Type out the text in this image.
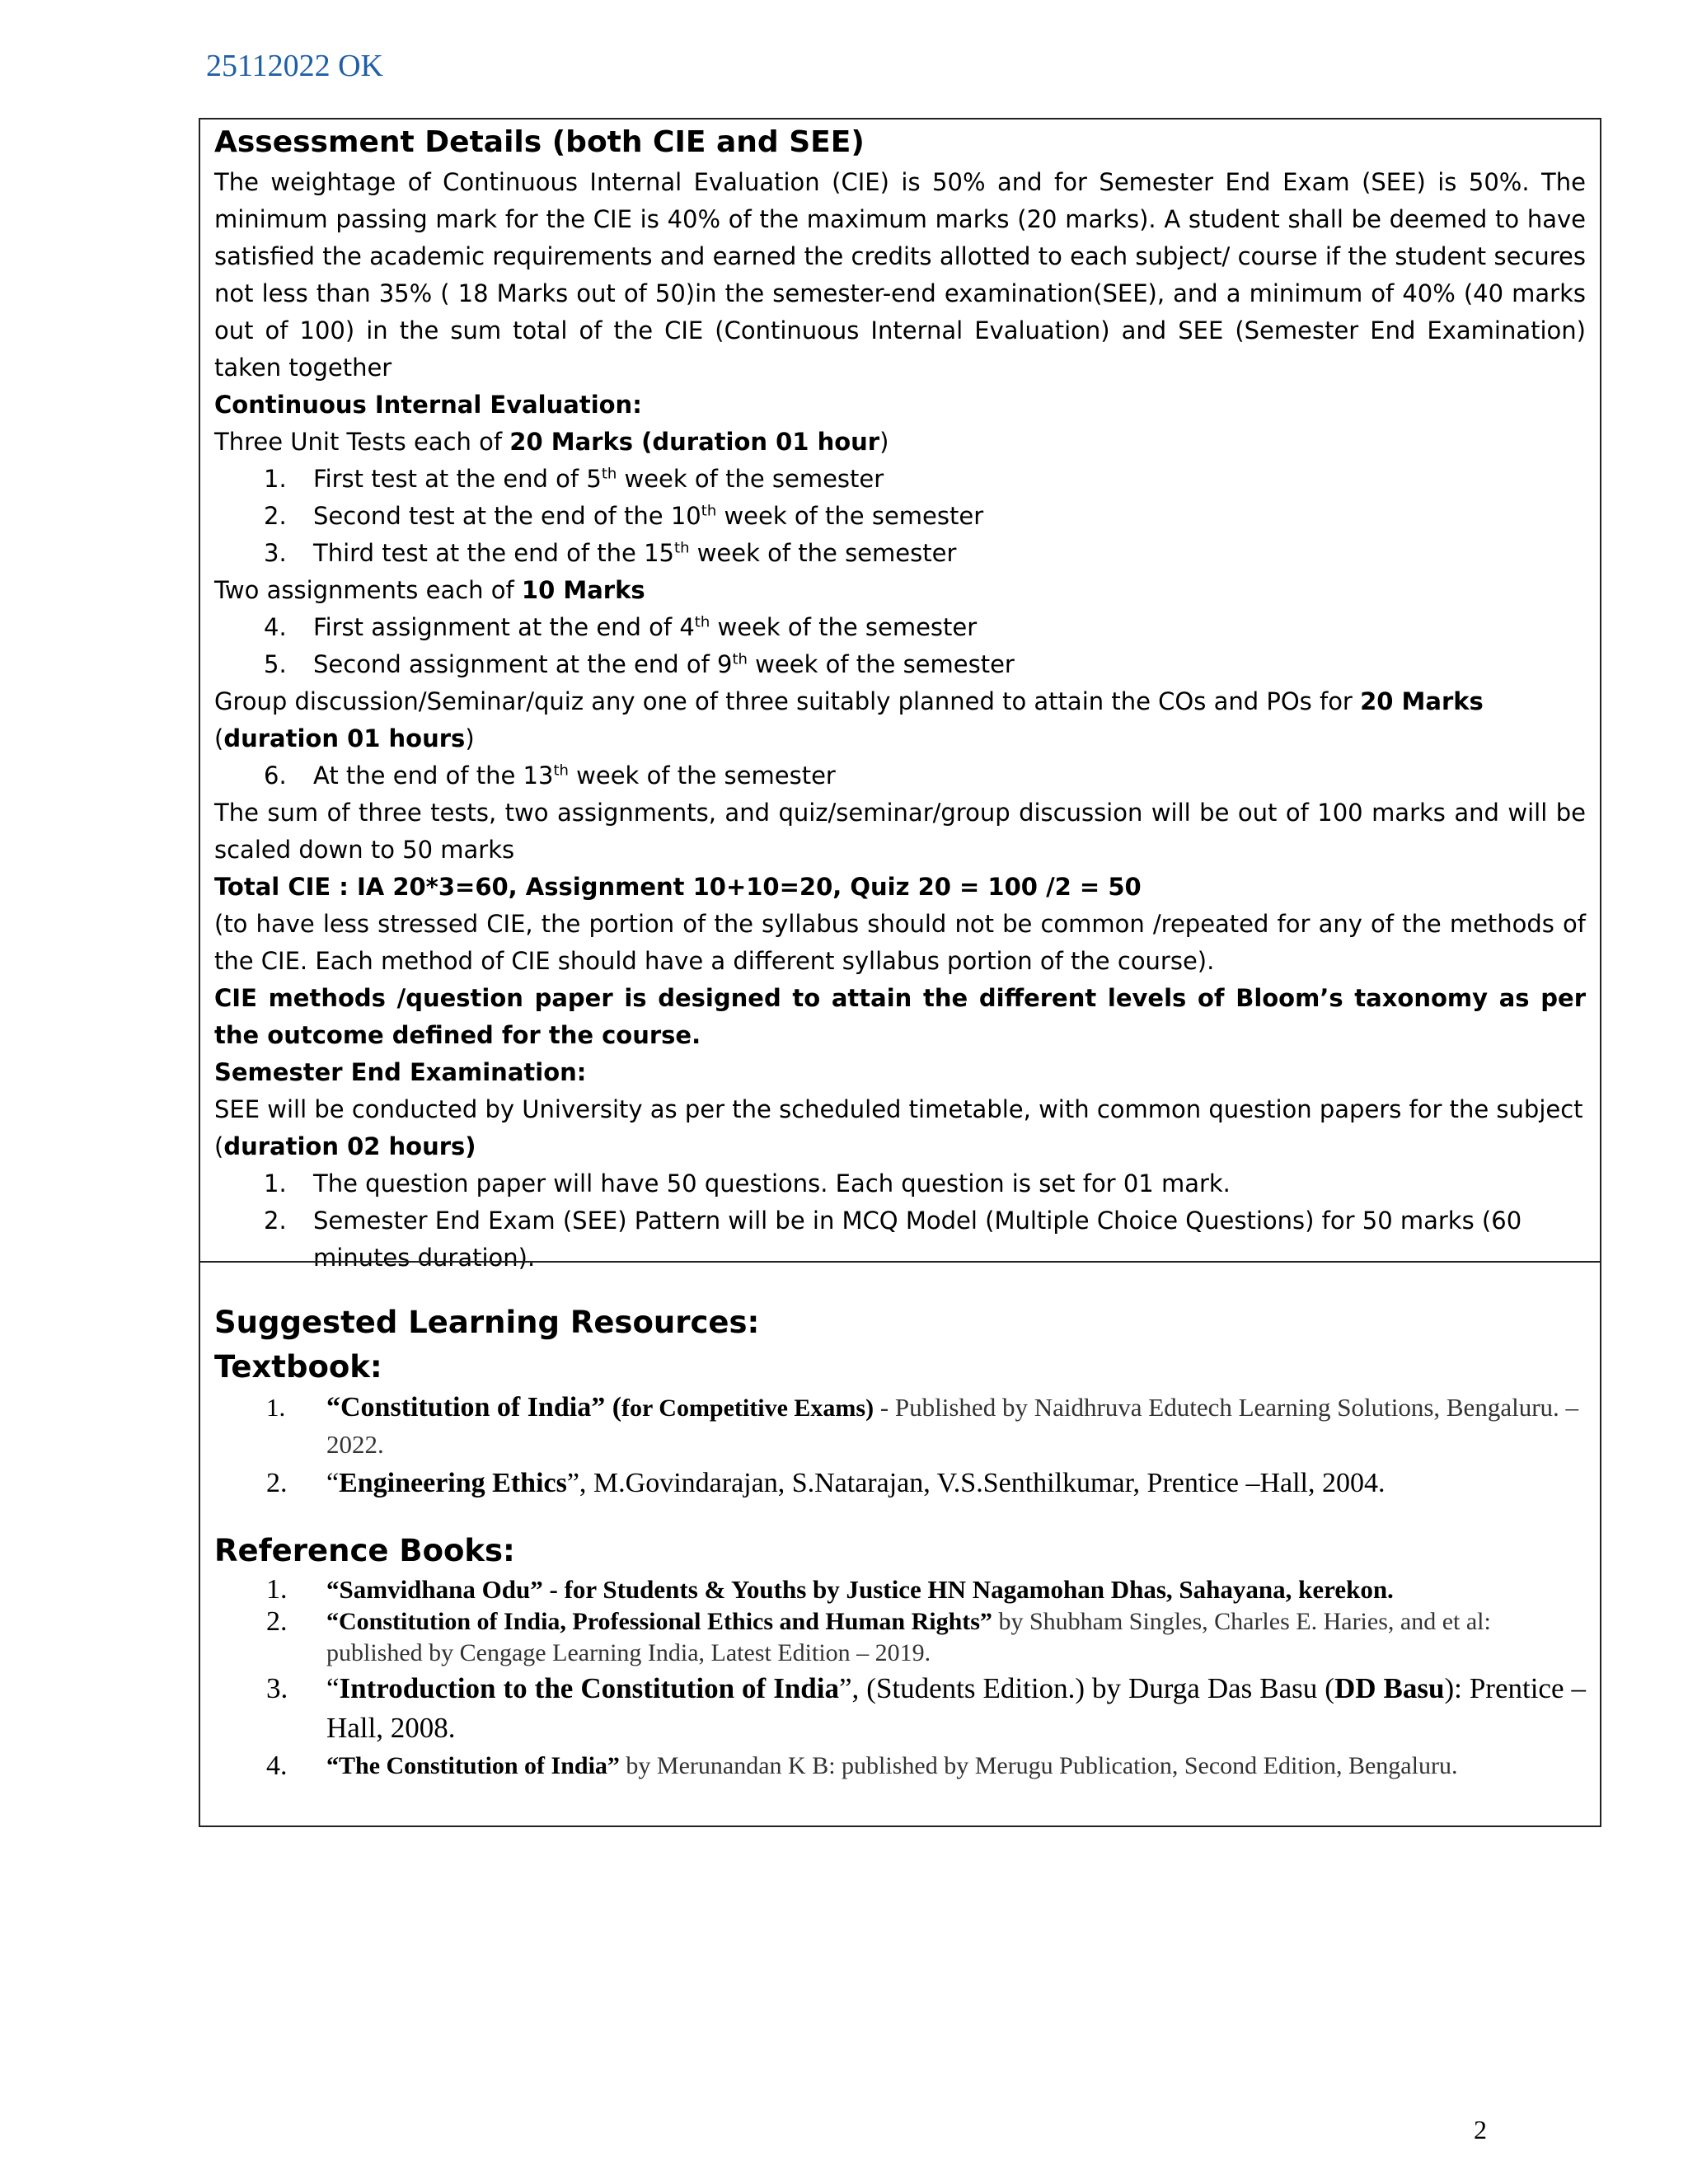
25112022 OK
Assessment Details (both CIE and SEE)
The weightage of Continuous Internal Evaluation (CIE) is 50% and for Semester End Exam (SEE) is 50%. The minimum passing mark for the CIE is 40% of the maximum marks (20 marks). A student shall be deemed to have satisfied the academic requirements and earned the credits allotted to each subject/ course if the student secures not less than 35% ( 18 Marks out of 50)in the semester-end examination(SEE), and a minimum of 40% (40 marks out of 100) in the sum total of the CIE (Continuous Internal Evaluation) and SEE (Semester End Examination) taken together
Continuous Internal Evaluation:
Three Unit Tests each of 20 Marks (duration 01 hour)
1.	First test at the end of 5th week of the semester
2.	Second test at the end of the 10th week of the semester
3.	Third test at the end of the 15th week of the semester
Two assignments each of 10 Marks
4.	First assignment at the end of 4th week of the semester
5.	Second assignment at the end of 9th week of the semester
Group discussion/Seminar/quiz any one of three suitably planned to attain the COs and POs for 20 Marks
(duration 01 hours)
6.	At the end of the 13th week of the semester
The sum of three tests, two assignments, and quiz/seminar/group discussion will be out of 100 marks and will be scaled down to 50 marks
Total CIE : IA 20*3=60, Assignment 10+10=20, Quiz 20 = 100 /2 = 50
(to have less stressed CIE, the portion of the syllabus should not be common /repeated for any of the methods of the CIE. Each method of CIE should have a different syllabus portion of the course).
CIE methods /question paper is designed to attain the different levels of Bloom’s taxonomy as per the outcome defined for the course.
Semester End Examination:
SEE will be conducted by University as per the scheduled timetable, with common question papers for the subject
(duration 02 hours)
1.	The question paper will have 50 questions. Each question is set for 01 mark.
2.	Semester End Exam (SEE) Pattern will be in MCQ Model (Multiple Choice Questions) for 50 marks (60 minutes duration).
Suggested Learning Resources:
Textbook:
1. “Constitution of India” (for Competitive Exams) - Published by Naidhruva Edutech Learning Solutions, Bengaluru. – 2022.
2. “Engineering Ethics”, M.Govindarajan, S.Natarajan, V.S.Senthilkumar, Prentice –Hall, 2004.
Reference Books:
1. “Samvidhana Odu” - for Students & Youths by Justice HN Nagamohan Dhas, Sahayana, kerekon.
2. “Constitution of India, Professional Ethics and Human Rights” by Shubham Singles, Charles E. Haries, and et al: published by Cengage Learning India, Latest Edition – 2019.
3. “Introduction to the Constitution of India”, (Students Edition.) by Durga Das Basu (DD Basu): Prentice –Hall, 2008.
4. “The Constitution of India” by Merunandan K B: published by Merugu Publication, Second Edition, Bengaluru.
2
